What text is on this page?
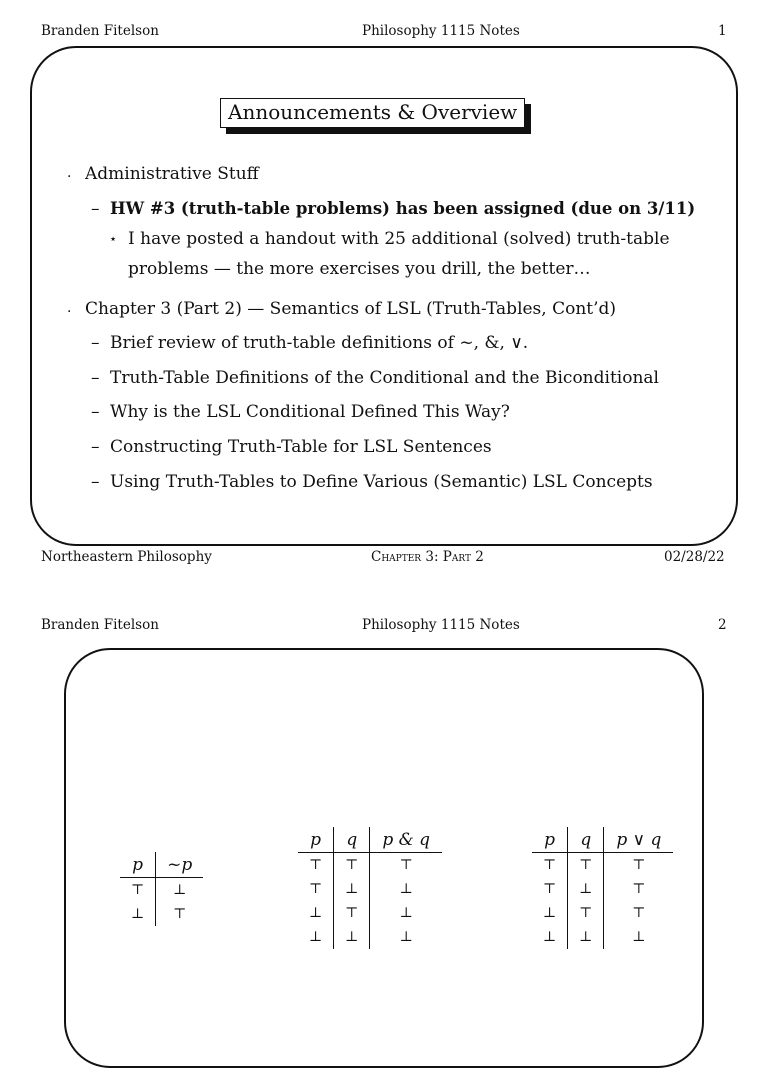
Branden Fitelson	Philosophy 1115 Notes	1
Announcements & Overview
· Administrative Stuff
– HW #3 (truth-table problems) has been assigned (due on 3/11)
⋆ I have posted a handout with 25 additional (solved) truth-table
problems — the more exercises you drill, the better…
· Chapter 3 (Part 2) — Semantics of LSL (Truth-Tables, Cont’d)
– Brief review of truth-table definitions of ~, &, ∨.
– Truth-Table Definitions of the Conditional and the Biconditional
– Why is the LSL Conditional Defined This Way?
– Constructing Truth-Table for LSL Sentences
– Using Truth-Tables to Define Various (Semantic) LSL Concepts
Northeastern Philosophy	Chapter 3: Part 2	02/28/22
Branden Fitelson	Philosophy 1115 Notes	2
p	~p
⊤	⊥
⊥	⊤
p	q	p & q
⊤	⊤	⊤
⊤	⊥	⊥
⊥	⊤	⊥
⊥	⊥	⊥
p	q	p ∨ q
⊤	⊤	⊤
⊤	⊥	⊤
⊥	⊤	⊤
⊥	⊥	⊥
